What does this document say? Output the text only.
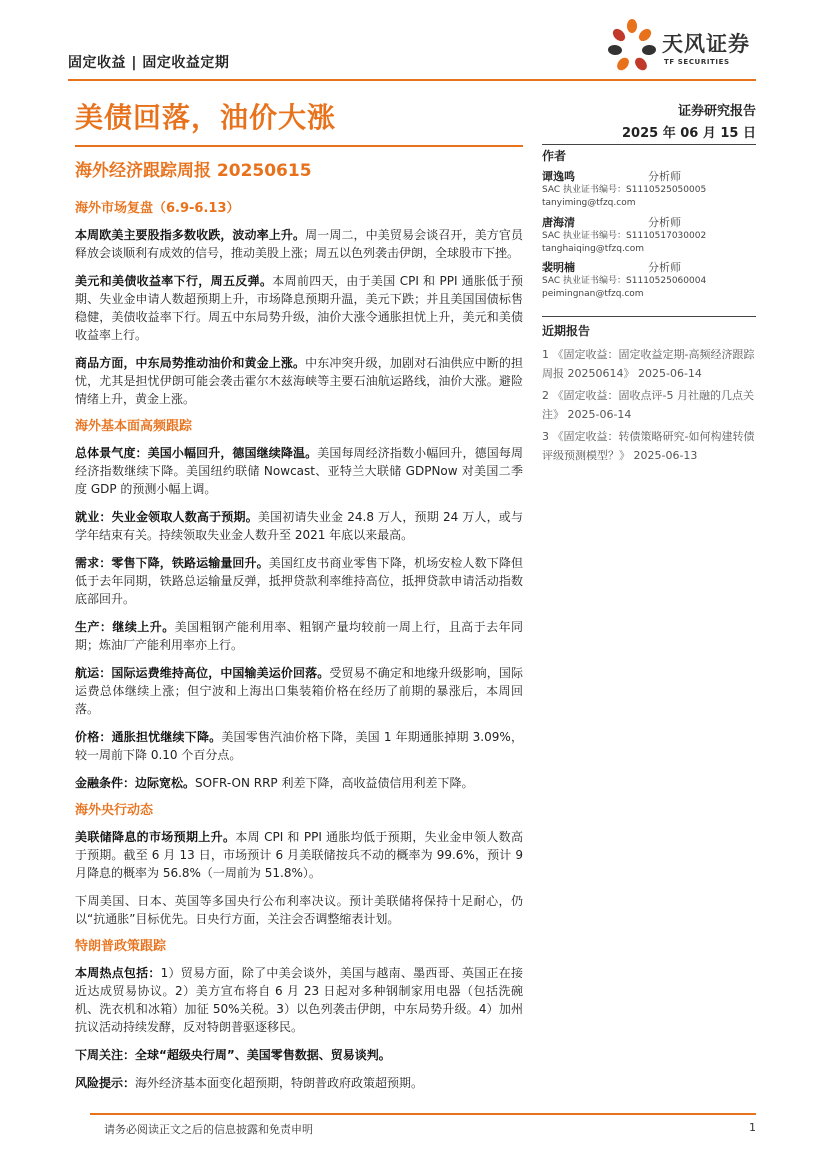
固定收益 | 固定收益定期
天风证券
TF SECURITIES
美债回落，油价大涨	证券研究报告
2025 年 06 月 15 日
海外经济跟踪周报 20250615
海外市场复盘（6.9-6.13）

本周欧美主要股指多数收跌，波动率上升。周一周二，中美贸易会谈召开，美方官员释放会谈顺利有成效的信号，推动美股上涨；周五以色列袭击伊朗，全球股市下挫。

美元和美债收益率下行，周五反弹。本周前四天，由于美国 CPI 和 PPI 通胀低于预期、失业金申请人数超预期上升，市场降息预期升温，美元下跌；并且美国国债标售稳健，美债收益率下行。周五中东局势升级，油价大涨令通胀担忧上升，美元和美债收益率上行。

商品方面，中东局势推动油价和黄金上涨。中东冲突升级，加剧对石油供应中断的担忧，尤其是担忧伊朗可能会袭击霍尔木兹海峡等主要石油航运路线，油价大涨。避险情绪上升，黄金上涨。

海外基本面高频跟踪

总体景气度：美国小幅回升，德国继续降温。美国每周经济指数小幅回升，德国每周经济指数继续下降。美国纽约联储 Nowcast、亚特兰大联储 GDPNow 对美国二季度 GDP 的预测小幅上调。

就业：失业金领取人数高于预期。美国初请失业金 24.8 万人，预期 24 万人，或与学年结束有关。持续领取失业金人数升至 2021 年底以来最高。

需求：零售下降，铁路运输量回升。美国红皮书商业零售下降，机场安检人数下降但低于去年同期，铁路总运输量反弹，抵押贷款利率维持高位，抵押贷款申请活动指数底部回升。

生产：继续上升。美国粗钢产能利用率、粗钢产量均较前一周上行，且高于去年同期；炼油厂产能利用率亦上行。

航运：国际运费维持高位，中国输美运价回落。受贸易不确定和地缘升级影响，国际运费总体继续上涨；但宁波和上海出口集装箱价格在经历了前期的暴涨后，本周回落。

价格：通胀担忧继续下降。美国零售汽油价格下降，美国 1 年期通胀掉期 3.09%，较一周前下降 0.10 个百分点。

金融条件：边际宽松。SOFR-ON RRP 利差下降，高收益债信用利差下降。

海外央行动态

美联储降息的市场预期上升。本周 CPI 和 PPI 通胀均低于预期，失业金申领人数高于预期。截至 6 月 13 日，市场预计 6 月美联储按兵不动的概率为 99.6%，预计 9 月降息的概率为 56.8%（一周前为 51.8%）。

下周美国、日本、英国等多国央行公布利率决议。预计美联储将保持十足耐心，仍以“抗通胀”目标优先。日央行方面，关注会否调整缩表计划。

特朗普政策跟踪

本周热点包括：1）贸易方面，除了中美会谈外，美国与越南、墨西哥、英国正在接近达成贸易协议。2）美方宣布将自 6 月 23 日起对多种钢制家用电器（包括洗碗机、洗衣机和冰箱）加征 50%关税。3）以色列袭击伊朗，中东局势升级。4）加州抗议活动持续发酵，反对特朗普驱逐移民。

下周关注：全球“超级央行周”、美国零售数据、贸易谈判。

风险提示：海外经济基本面变化超预期，特朗普政府政策超预期。

作者
谭逸鸣	分析师
SAC 执业证书编号：S1110525050005
tanyiming@tfzq.com
唐海清	分析师
SAC 执业证书编号：S1110517030002
tanghaiqing@tfzq.com
裴明楠	分析师
SAC 执业证书编号：S1110525060004
peimingnan@tfzq.com
近期报告
1 《固定收益：固定收益定期-高频经济跟踪周报 20250614》 2025-06-14
2 《固定收益：固收点评-5 月社融的几点关注》 2025-06-14
3 《固定收益：转债策略研究-如何构建转债评级预测模型？》 2025-06-13
请务必阅读正文之后的信息披露和免责申明	1
